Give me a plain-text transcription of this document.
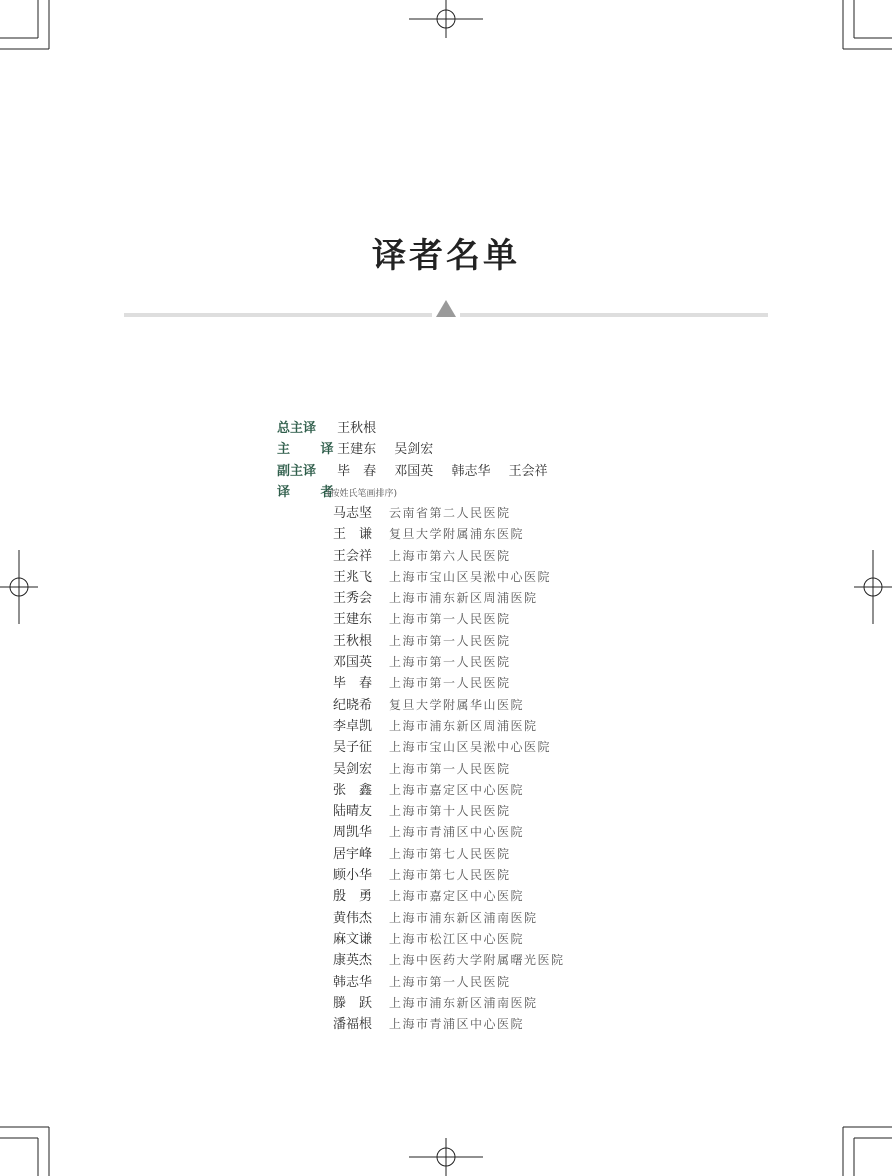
译者名单
总主译 王秋根
主 译 王建东 吴剑宏
副主译 毕　春 邓国英 韩志华 王会祥
译 者(按姓氏笔画排序)
马志坚 云南省第二人民医院
王　谦 复旦大学附属浦东医院
王会祥 上海市第六人民医院
王兆飞 上海市宝山区吴淞中心医院
王秀会 上海市浦东新区周浦医院
王建东 上海市第一人民医院
王秋根 上海市第一人民医院
邓国英 上海市第一人民医院
毕　春 上海市第一人民医院
纪晓希 复旦大学附属华山医院
李卓凯 上海市浦东新区周浦医院
吴子征 上海市宝山区吴淞中心医院
吴剑宏 上海市第一人民医院
张　鑫 上海市嘉定区中心医院
陆晴友 上海市第十人民医院
周凯华 上海市青浦区中心医院
居宇峰 上海市第七人民医院
顾小华 上海市第七人民医院
殷　勇 上海市嘉定区中心医院
黄伟杰 上海市浦东新区浦南医院
麻文谦 上海市松江区中心医院
康英杰 上海中医药大学附属曙光医院
韩志华 上海市第一人民医院
滕　跃 上海市浦东新区浦南医院
潘福根 上海市青浦区中心医院
